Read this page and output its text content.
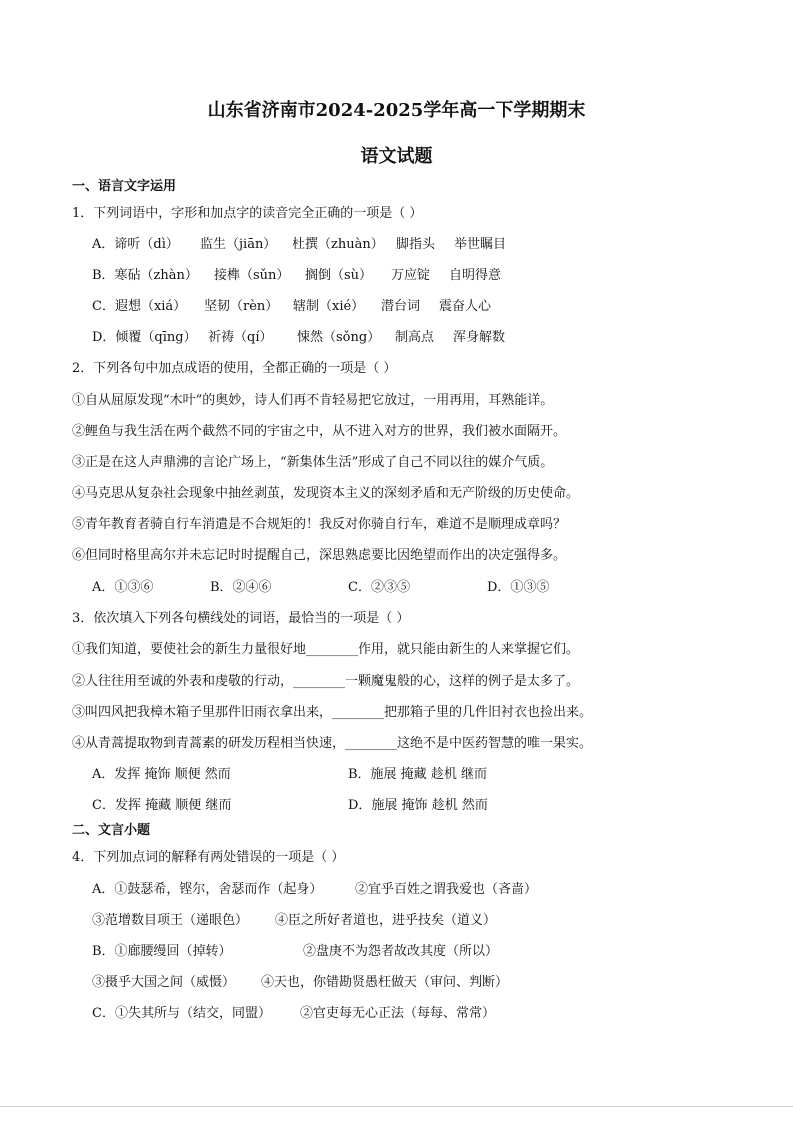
山东省济南市2024-2025学年高一下学期期末
语文试题
一、语言文字运用
1．下列词语中，字形和加点字的读音完全正确的一项是（ ）
A．谛听（dì） 监生（jiān） 杜撰（zhuàn） 脚指头 举世瞩目
B．寒砧（zhàn） 接榫（sǔn） 搁倒（sù） 万应锭 自明得意
C．遐想（xiá） 坚韧（rèn） 辖制（xié） 潜台词 震奋人心
D．倾覆（qīng） 祈祷（qí） 悚然（sǒng） 制高点 浑身解数
2．下列各句中加点成语的使用，全都正确的一项是（ ）
①自从屈原发现“木叶”的奥妙，诗人们再不肯轻易把它放过，一用再用，耳熟能详。
②鲤鱼与我生活在两个截然不同的宇宙之中，从不进入对方的世界，我们被水面隔开。
③正是在这人声鼎沸的言论广场上，“新集体生活”形成了自己不同以往的媒介气质。
④马克思从复杂社会现象中抽丝剥茧，发现资本主义的深刻矛盾和无产阶级的历史使命。
⑤青年教育者骑自行车消遣是不合规矩的！我反对你骑自行车，难道不是顺理成章吗？
⑥但同时格里高尔并未忘记时时提醒自己，深思熟虑要比因绝望而作出的决定强得多。
A．①③⑥	B．②④⑥	C．②③⑤	D．①③⑤
3．依次填入下列各句横线处的词语，最恰当的一项是（ ）
①我们知道，要使社会的新生力量很好地________作用，就只能由新生的人来掌握它们。
②人往往用至诚的外表和虔敬的行动，________一颗魔鬼般的心，这样的例子是太多了。
③叫四风把我樟木箱子里那件旧雨衣拿出来，________把那箱子里的几件旧衬衣也捡出来。
④从青蒿提取物到青蒿素的研发历程相当快速，________这绝不是中医药智慧的唯一果实。
A．发挥 掩饰 顺便 然而	B．施展 掩藏 趁机 继而
C．发挥 掩藏 顺便 继而	D．施展 掩饰 趁机 然而
二、文言小题
4．下列加点词的解释有两处错误的一项是（ ）
A．①鼓瑟希，铿尔，舍瑟而作（起身）	②宜乎百姓之谓我爱也（吝啬）
③范增数目项王（递眼色） ④臣之所好者道也，进乎技矣（道义）
B．①廊腰缦回（掉转）	②盘庚不为怨者故改其度（所以）
③摄乎大国之间（威慑） ④天也，你错勘贤愚枉做天（审问、判断）
C．①失其所与（结交，同盟） ②官吏每无心正法（每每、常常）
